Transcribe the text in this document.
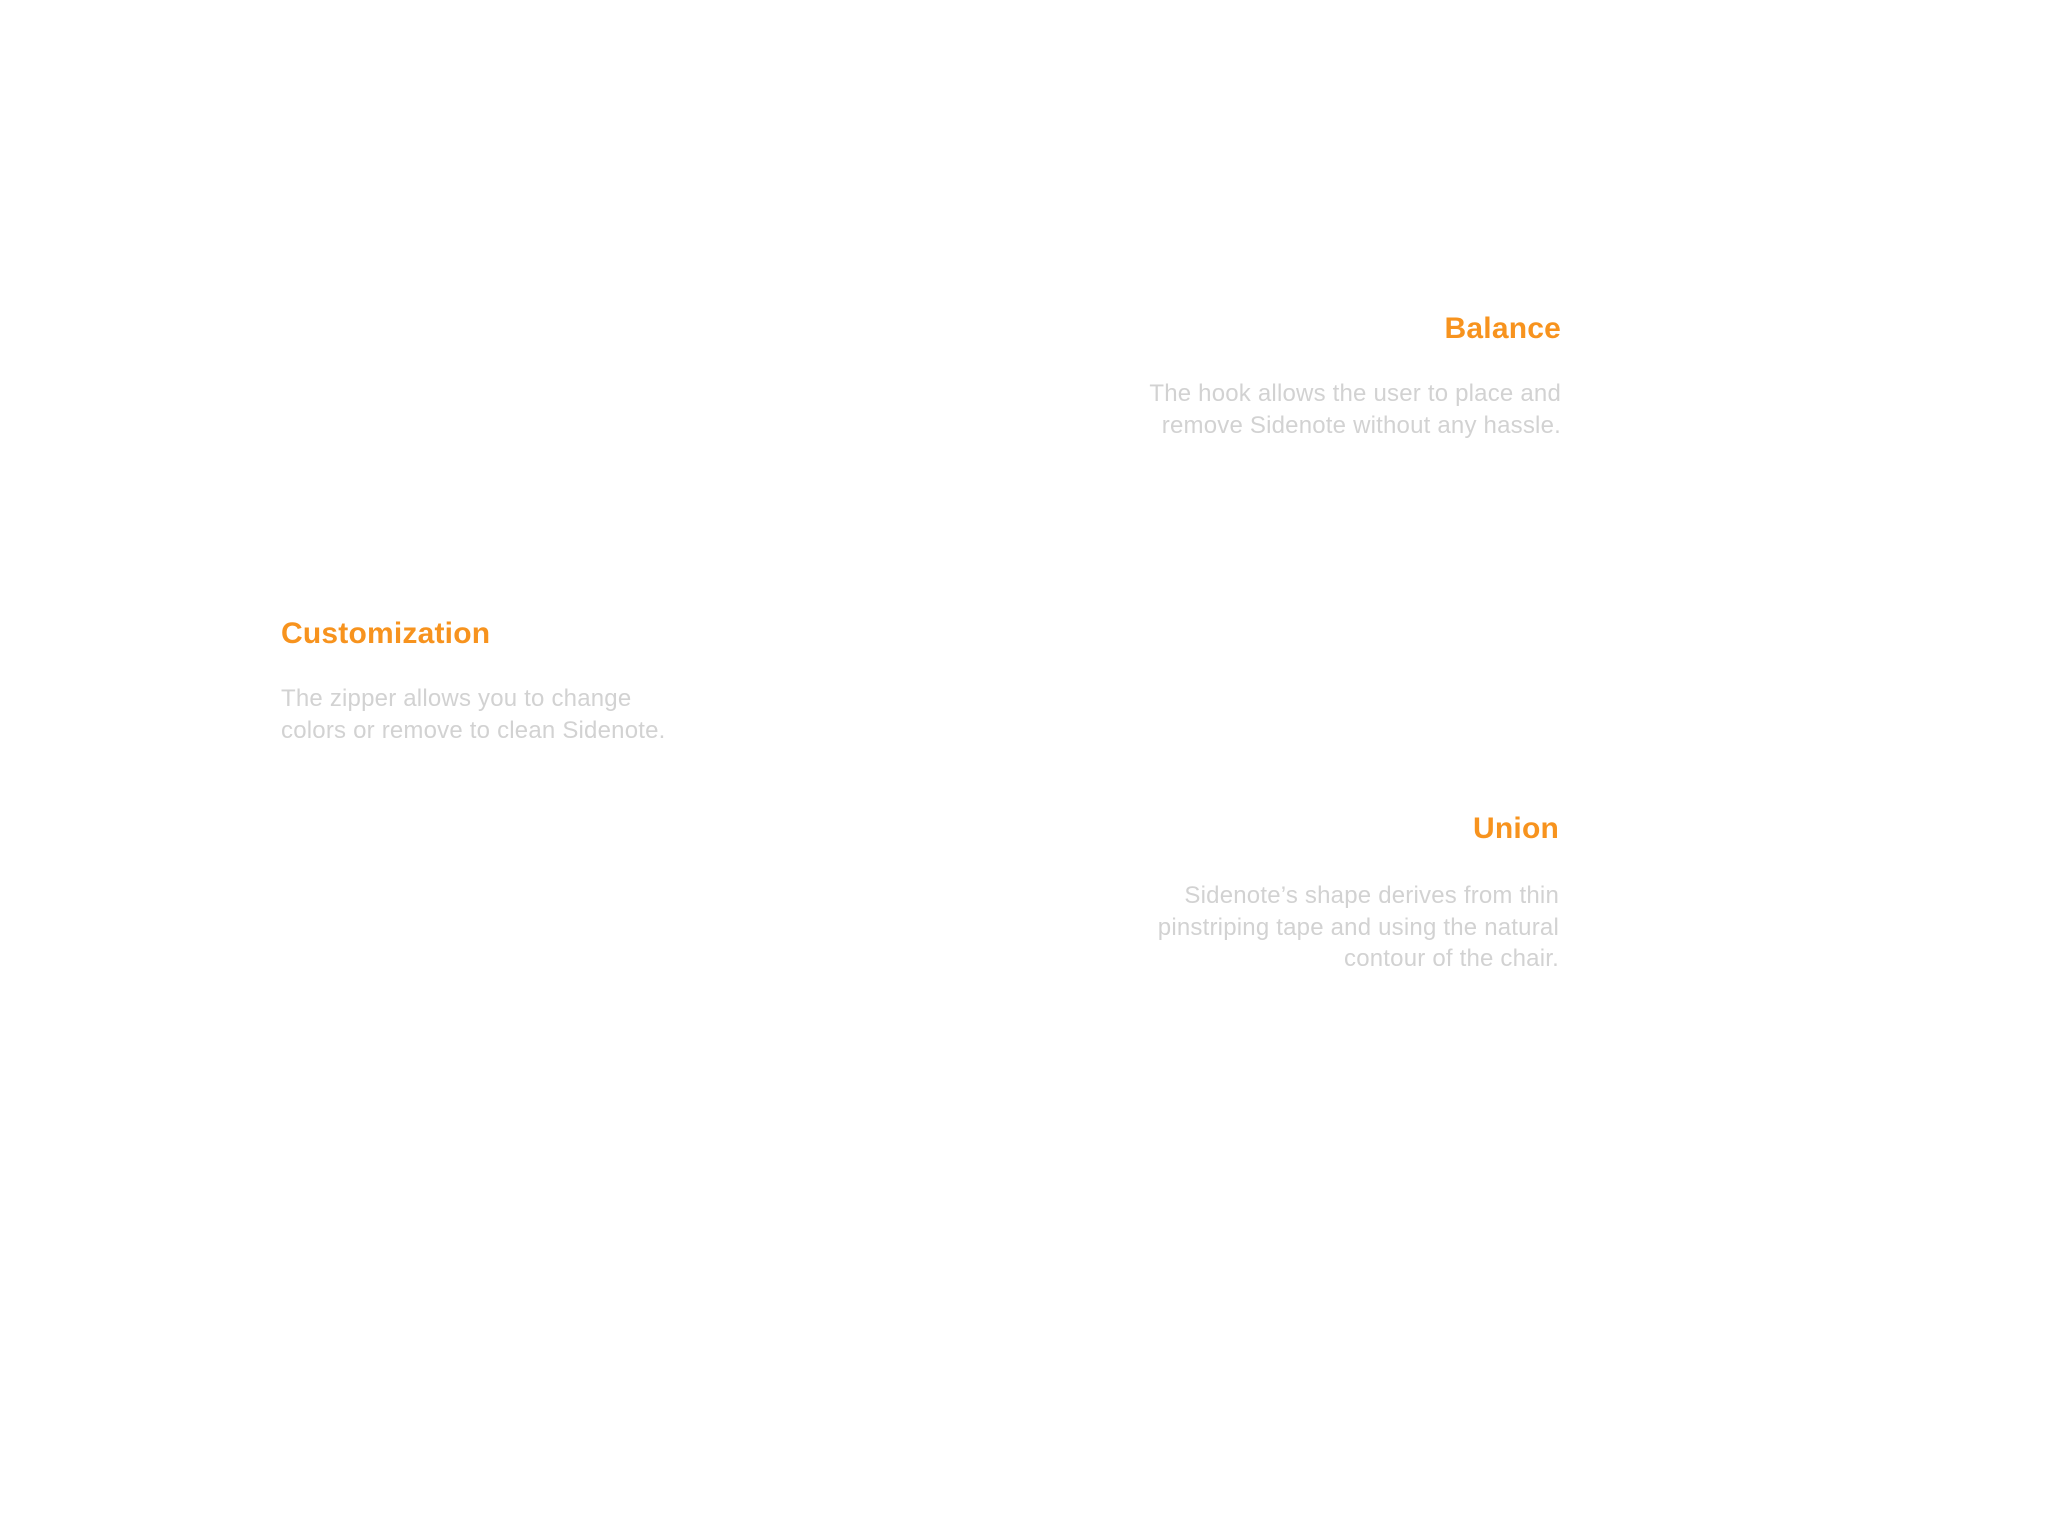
Balance

The hook allows the user to place and
remove Sidenote without any hassle.

Customization

The zipper allows you to change
colors or remove to clean Sidenote.

Union

Sidenote’s shape derives from thin
pinstriping tape and using the natural
contour of the chair.
